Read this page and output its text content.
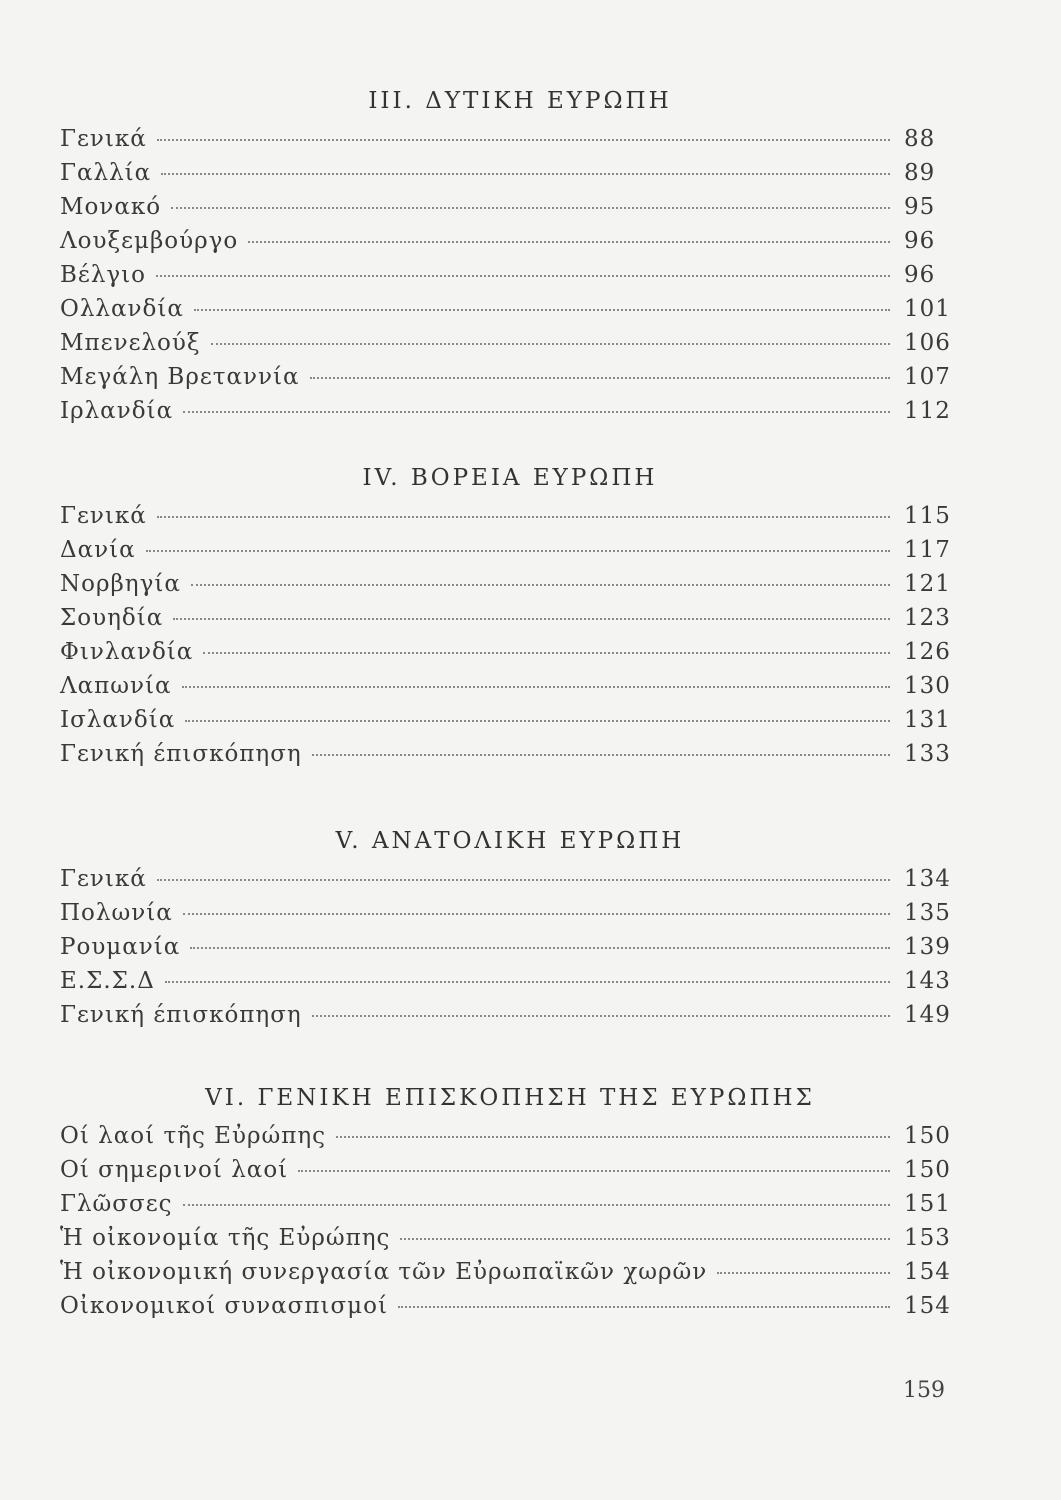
III. ΔΥΤΙΚΗ ΕΥΡΩΠΗ
Γενικά	88
Γαλλία	89
Μονακό	95
Λουξεμβούργο	96
Βέλγιο	96
Ολλανδία	101
Μπενελούξ	106
Μεγάλη Βρεταννία	107
Ιρλανδία	112
IV. ΒΟΡΕΙΑ ΕΥΡΩΠΗ
Γενικά	115
Δανία	117
Νορβηγία	121
Σουηδία	123
Φινλανδία	126
Λαπωνία	130
Ισλανδία	131
Γενική έπισκόπηση	133
V. ΑΝΑΤΟΛΙΚΗ ΕΥΡΩΠΗ
Γενικά	134
Πολωνία	135
Ρουμανία	139
Ε.Σ.Σ.Δ	143
Γενική έπισκόπηση	149
VI. ΓΕΝΙΚΗ ΕΠΙΣΚΟΠΗΣΗ ΤΗΣ ΕΥΡΩΠΗΣ
Οί λαοί τῆς Εὐρώπης	150
Οί σημερινοί λαοί	150
Γλῶσσες	151
Ἡ οἰκονομία τῆς Εὐρώπης	153
Ἡ οἰκονομική συνεργασία τῶν Εὐρωπαϊκῶν χωρῶν	154
Οἰκονομικοί συνασπισμοί	154
159
